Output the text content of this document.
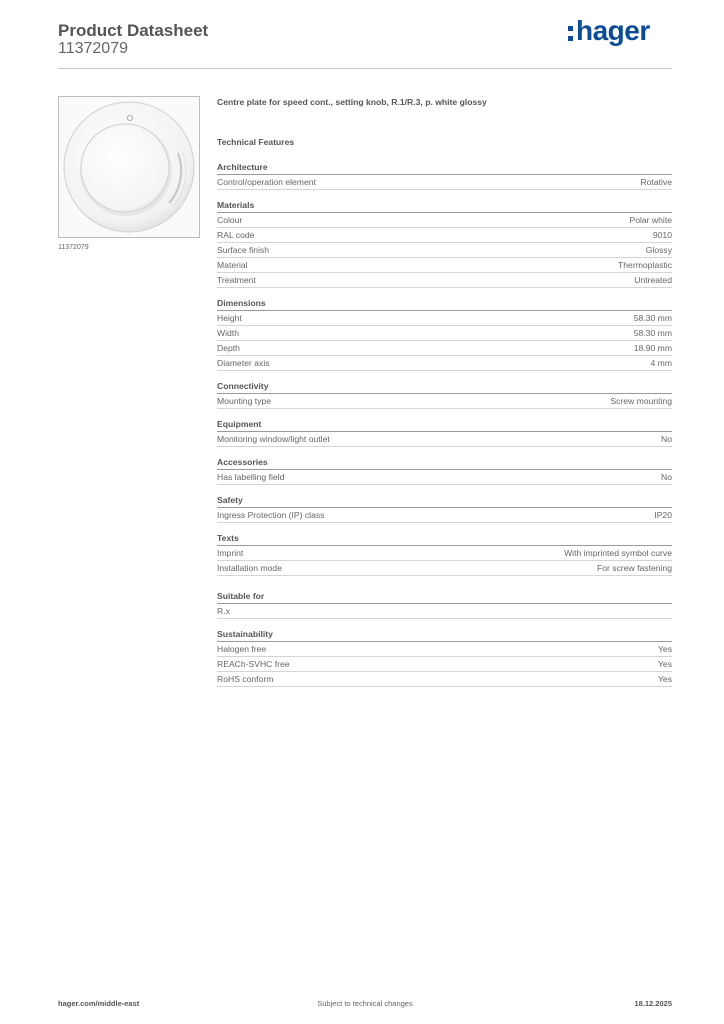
Product Datasheet
11372079
hager
11372079
Centre plate for speed cont., setting knob, R.1/R.3, p. white glossy
Technical Features
Architecture
Control/operation element	Rotative
Materials
Colour	Polar white
RAL code	9010
Surface finish	Glossy
Material	Thermoplastic
Treatment	Untreated
Dimensions
Height	58.30 mm
Width	58.30 mm
Depth	18.90 mm
Diameter axis	4 mm
Connectivity
Mounting type	Screw mounting
Equipment
Monitoring window/light outlet	No
Accessories
Has labelling field	No
Safety
Ingress Protection (IP) class	IP20
Texts
Imprint	With imprinted symbol curve
Installation mode	For screw fastening
Suitable for
R.x
Sustainability
Halogen free	Yes
REACh-SVHC free	Yes
RoHS conform	Yes
hager.com/middle-east	Subject to technical changes	18.12.2025
